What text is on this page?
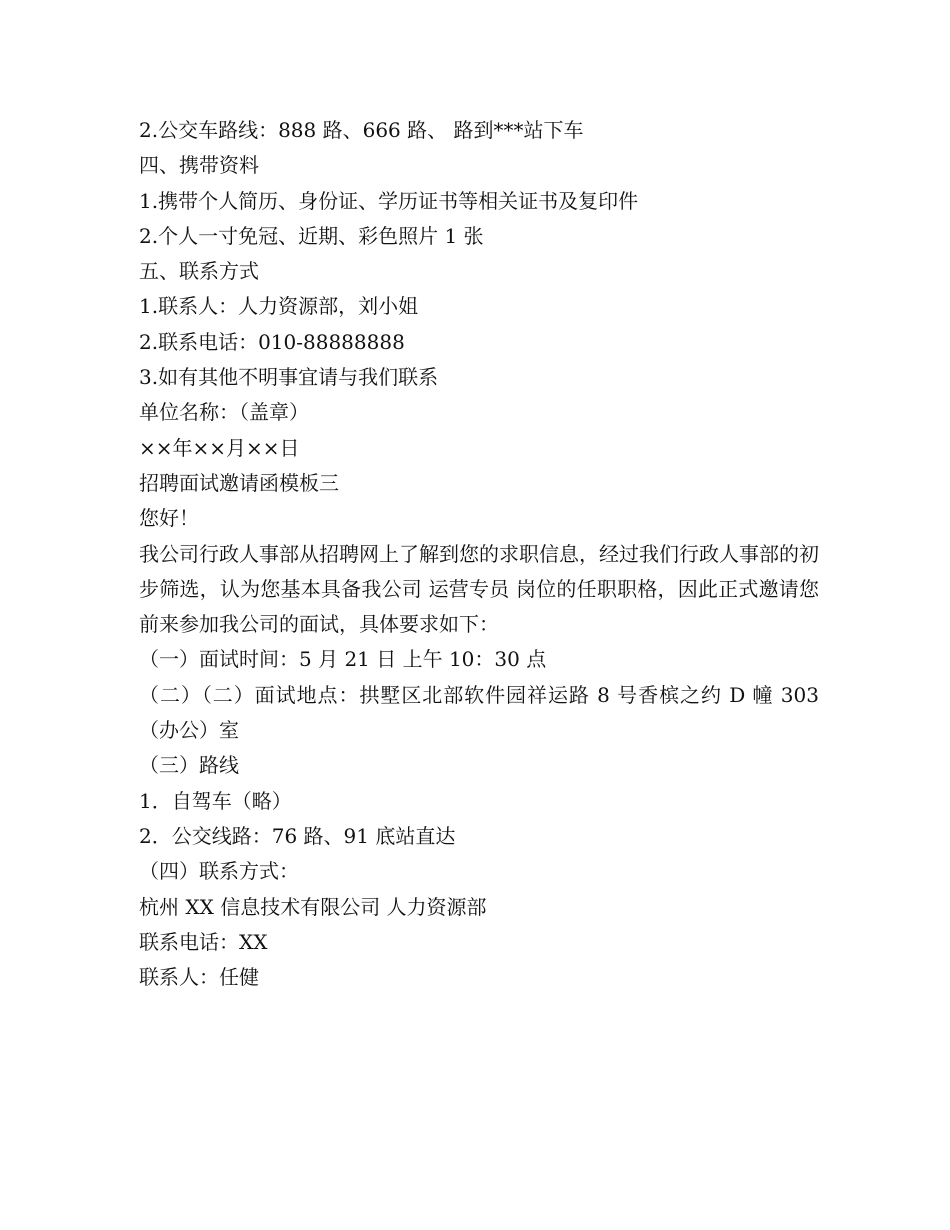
2.公交车路线：888 路、666 路、 路到***站下车

四、携带资料

1.携带个人简历、身份证、学历证书等相关证书及复印件

2.个人一寸免冠、近期、彩色照片 1 张

五、联系方式

1.联系人：人力资源部，刘小姐

2.联系电话：010-88888888

3.如有其他不明事宜请与我们联系

单位名称：（盖章）

××年××月××日

招聘面试邀请函模板三

您好！

我公司行政人事部从招聘网上了解到您的求职信息，经过我们行政人事部的初步筛选，认为您基本具备我公司 运营专员 岗位的任职职格，因此正式邀请您前来参加我公司的面试，具体要求如下：

（一）面试时间：5 月 21 日 上午 10：30 点

（二）（二）面试地点：拱墅区北部软件园祥运路 8 号香槟之约 D 幢 303（办公）室

（三）路线

1．自驾车（略）

2．公交线路：76 路、91 底站直达

（四）联系方式：

杭州 XX 信息技术有限公司 人力资源部

联系电话：XX

联系人：任健
